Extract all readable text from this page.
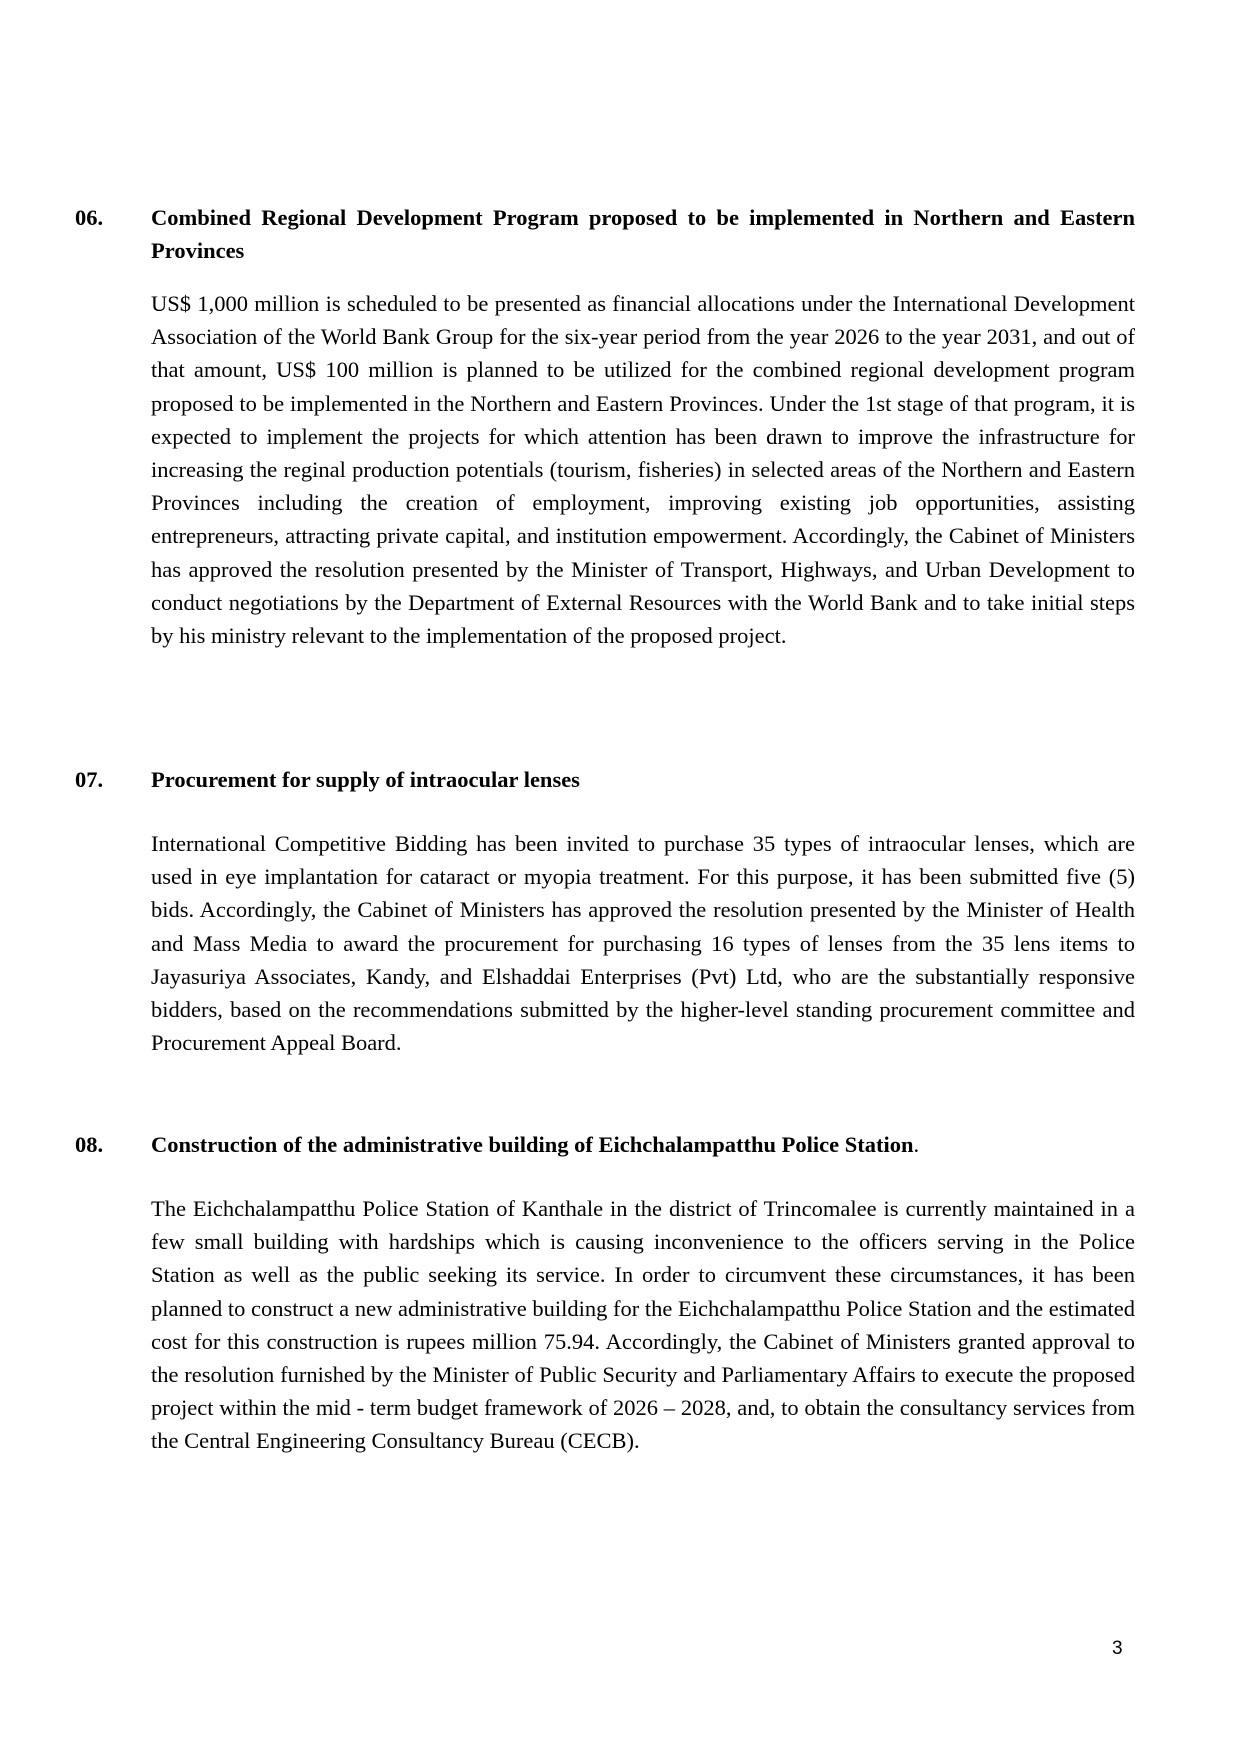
06. Combined Regional Development Program proposed to be implemented in Northern and Eastern Provinces

US$ 1,000 million is scheduled to be presented as financial allocations under the International Development Association of the World Bank Group for the six-year period from the year 2026 to the year 2031, and out of that amount, US$ 100 million is planned to be utilized for the combined regional development program proposed to be implemented in the Northern and Eastern Provinces. Under the 1st stage of that program, it is expected to implement the projects for which attention has been drawn to improve the infrastructure for increasing the reginal production potentials (tourism, fisheries) in selected areas of the Northern and Eastern Provinces including the creation of employment, improving existing job opportunities, assisting entrepreneurs, attracting private capital, and institution empowerment. Accordingly, the Cabinet of Ministers has approved the resolution presented by the Minister of Transport, Highways, and Urban Development to conduct negotiations by the Department of External Resources with the World Bank and to take initial steps by his ministry relevant to the implementation of the proposed project.

07. Procurement for supply of intraocular lenses

International Competitive Bidding has been invited to purchase 35 types of intraocular lenses, which are used in eye implantation for cataract or myopia treatment. For this purpose, it has been submitted five (5) bids. Accordingly, the Cabinet of Ministers has approved the resolution presented by the Minister of Health and Mass Media to award the procurement for purchasing 16 types of lenses from the 35 lens items to Jayasuriya Associates, Kandy, and Elshaddai Enterprises (Pvt) Ltd, who are the substantially responsive bidders, based on the recommendations submitted by the higher-level standing procurement committee and Procurement Appeal Board.

08. Construction of the administrative building of Eichchalampatthu Police Station.

The Eichchalampatthu Police Station of Kanthale in the district of Trincomalee is currently maintained in a few small building with hardships which is causing inconvenience to the officers serving in the Police Station as well as the public seeking its service. In order to circumvent these circumstances, it has been planned to construct a new administrative building for the Eichchalampatthu Police Station and the estimated cost for this construction is rupees million 75.94. Accordingly, the Cabinet of Ministers granted approval to the resolution furnished by the Minister of Public Security and Parliamentary Affairs to execute the proposed project within the mid - term budget framework of 2026 – 2028, and, to obtain the consultancy services from the Central Engineering Consultancy Bureau (CECB).

3
